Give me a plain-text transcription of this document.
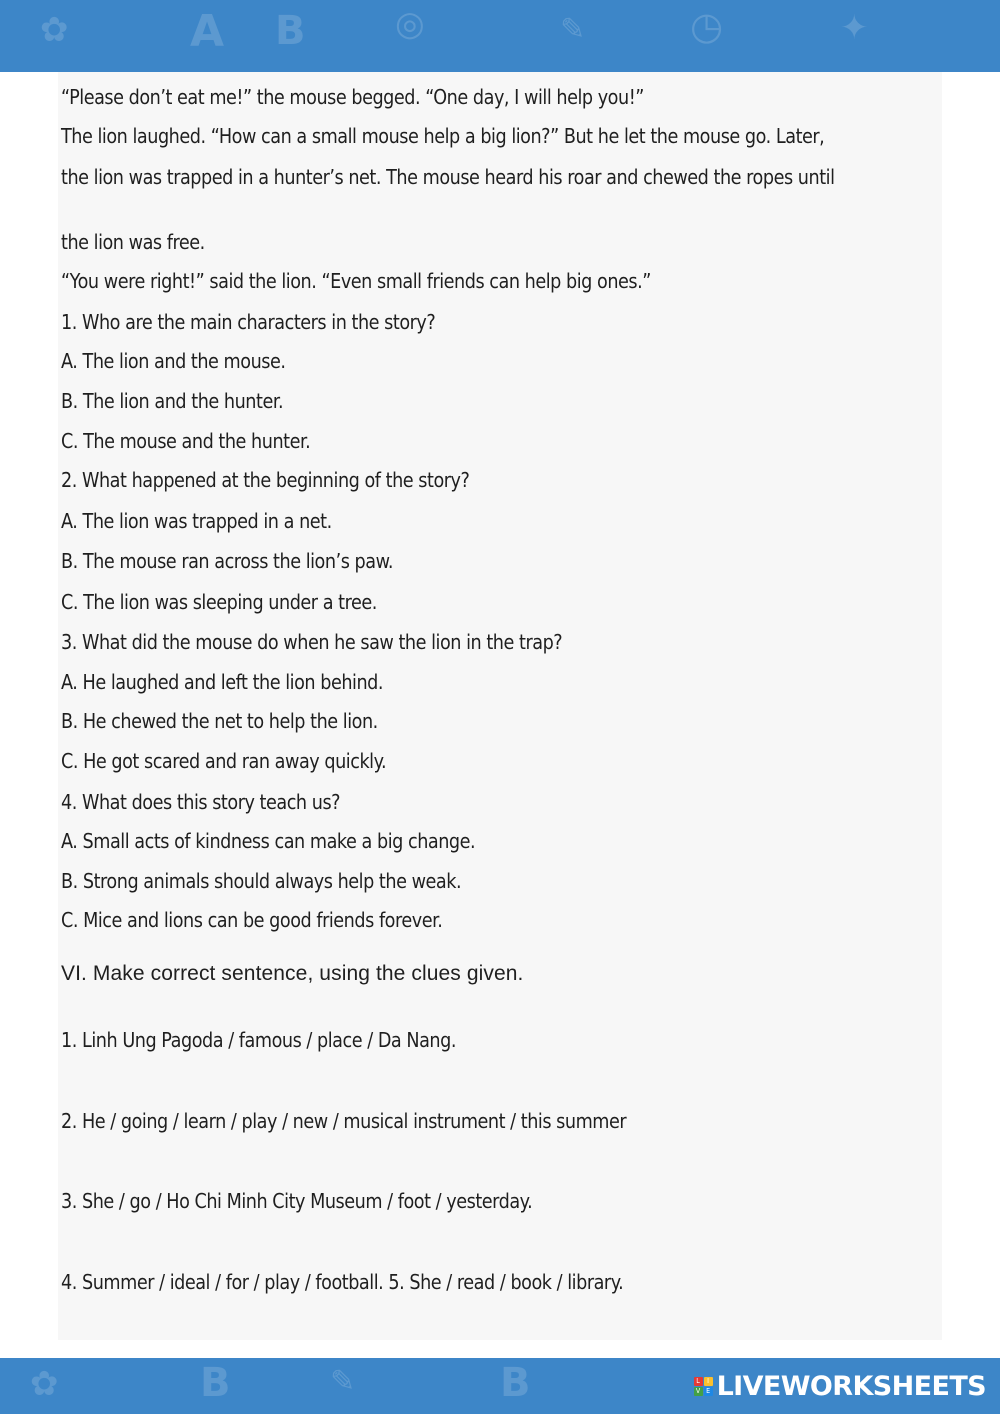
✿	A B	◎	✎	◷	✦
“Please don’t eat me!” the mouse begged. “One day, I will help you!”
The lion laughed. “How can a small mouse help a big lion?” But he let the mouse go. Later,
the lion was trapped in a hunter’s net. The mouse heard his roar and chewed the ropes until
the lion was free.
“You were right!” said the lion. “Even small friends can help big ones.”
1. Who are the main characters in the story?
A. The lion and the mouse.
B. The lion and the hunter.
C. The mouse and the hunter.
2. What happened at the beginning of the story?
A. The lion was trapped in a net.
B. The mouse ran across the lion’s paw.
C. The lion was sleeping under a tree.
3. What did the mouse do when he saw the lion in the trap?
A. He laughed and left the lion behind.
B. He chewed the net to help the lion.
C. He got scared and ran away quickly.
4. What does this story teach us?
A. Small acts of kindness can make a big change.
B. Strong animals should always help the weak.
C. Mice and lions can be good friends forever.
VI. Make correct sentence, using the clues given.
1. Linh Ung Pagoda / famous / place / Da Nang.
2. He / going / learn / play / new / musical instrument / this summer
3. She / go / Ho Chi Minh City Museum / foot / yesterday.
4. Summer / ideal / for / play / football. 5. She / read / book / library.
✿	B	✎	B	L	I
V E LIVEWORKSHEETS
